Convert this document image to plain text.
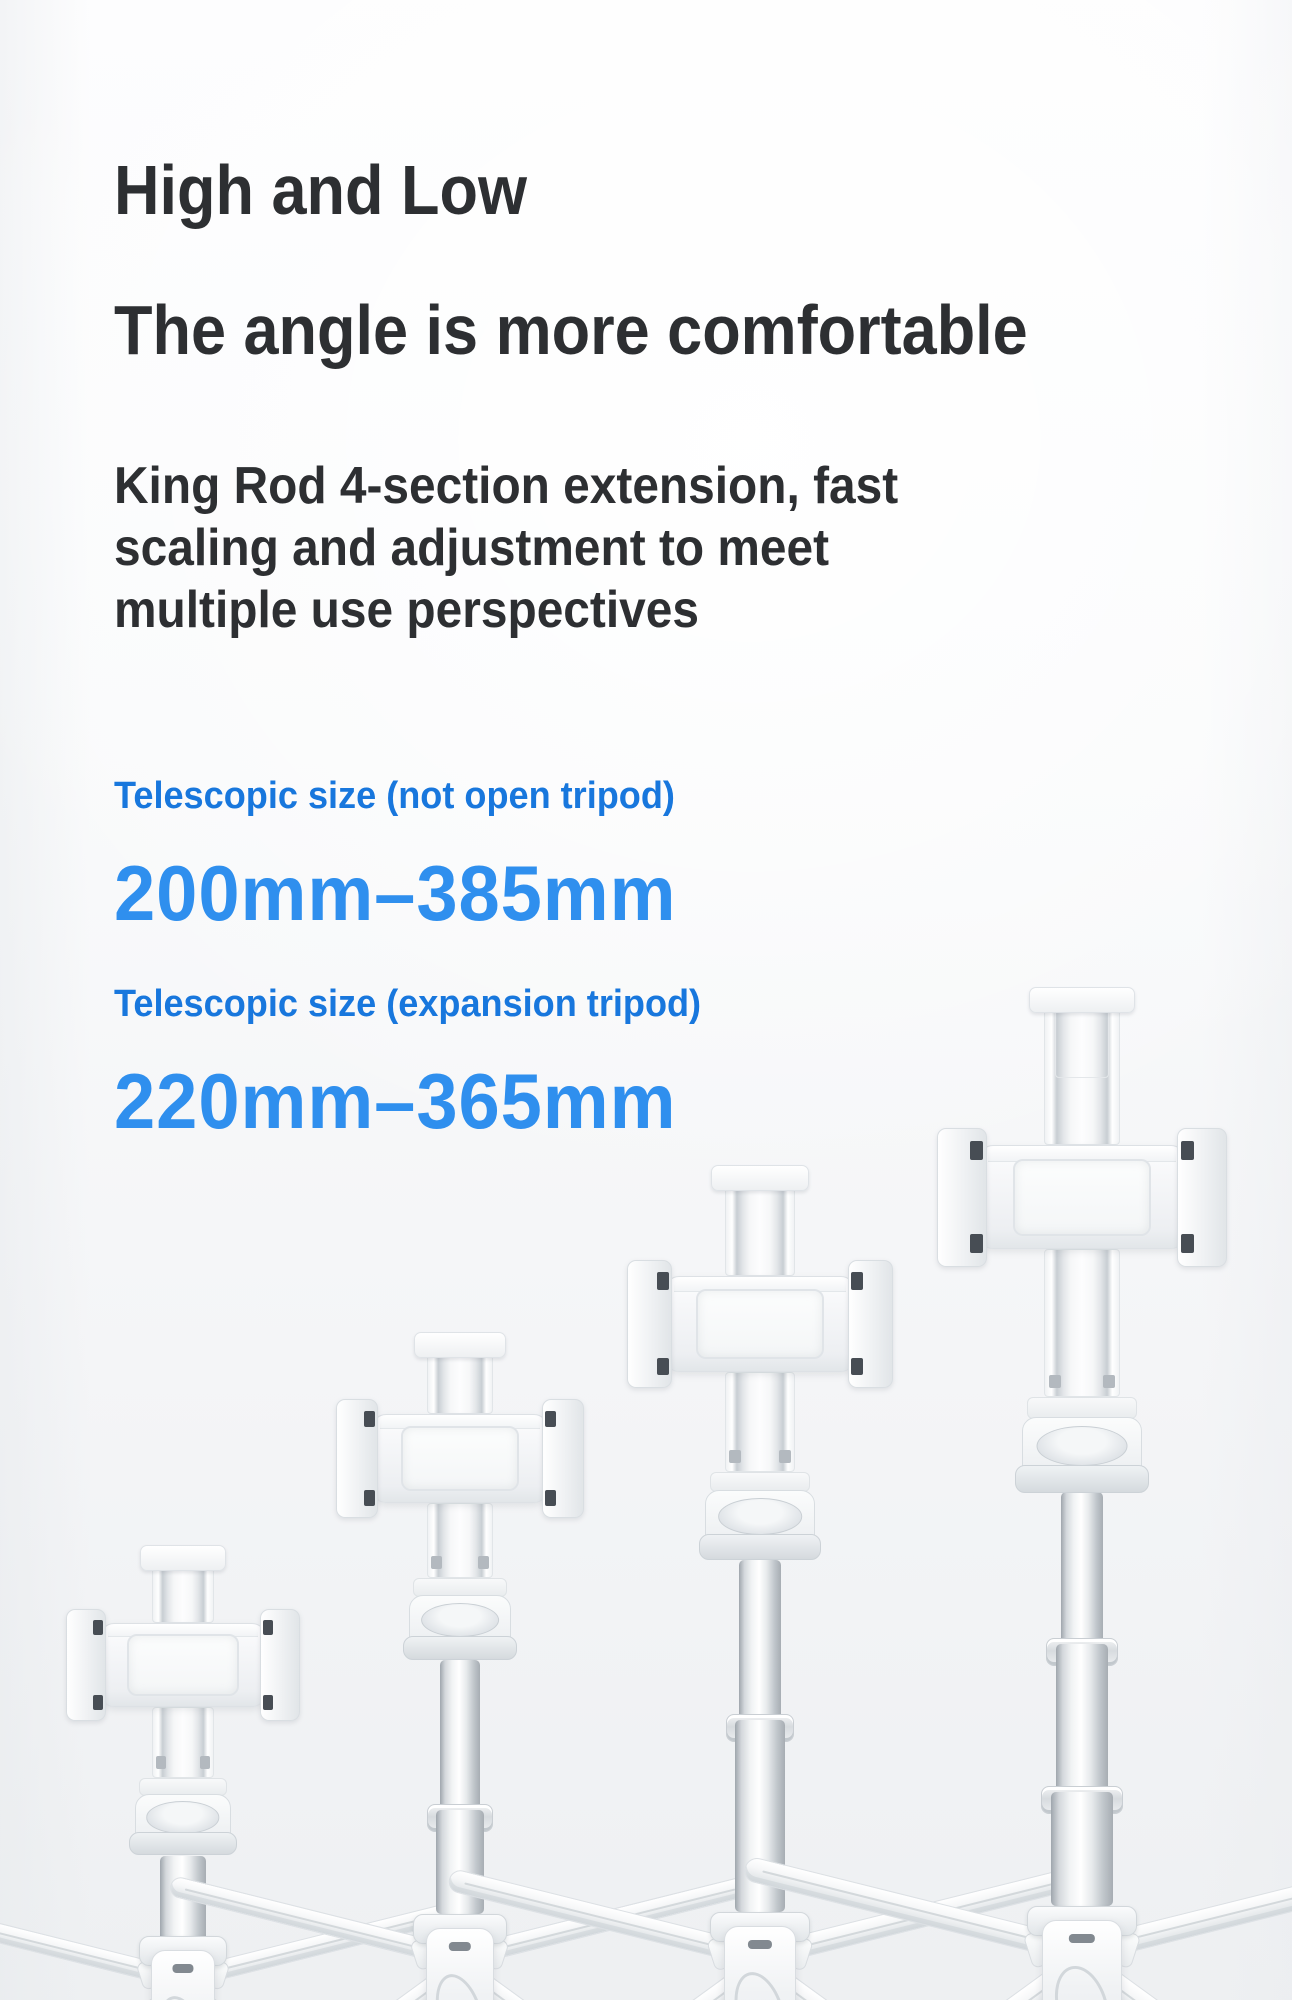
High and Low
The angle is more comfortable
King Rod 4-section extension, fast
scaling and adjustment to meet
multiple use perspectives
Telescopic size (not open tripod)
200mm–385mm
Telescopic size (expansion tripod)
220mm–365mm
